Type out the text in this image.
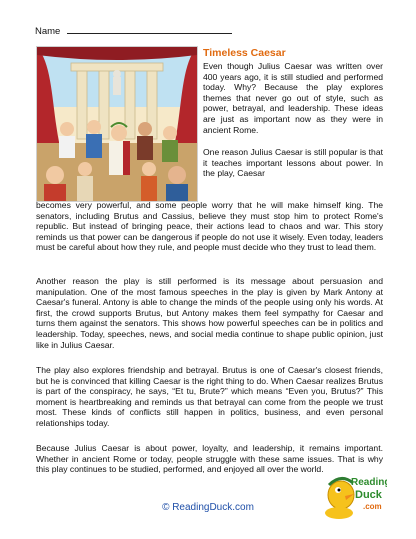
Name
Timeless Caesar

Even though Julius Caesar was written over 400 years ago, it is still studied and performed today. Why? Because the play explores themes that never go out of style, such as power, betrayal, and leadership. These ideas are just as important now as they were in ancient Rome.

One reason Julius Caesar is still popular is that it teaches important lessons about power. In the play, Caesar

becomes very powerful, and some people worry that he will make himself king. The senators, including Brutus and Cassius, believe they must stop him to protect Rome's republic. But instead of bringing peace, their actions lead to chaos and war. This story reminds us that power can be dangerous if people do not use it wisely. Even today, leaders must be careful about how they rule, and people must decide who they trust to lead them.

Another reason the play is still performed is its message about persuasion and manipulation. One of the most famous speeches in the play is given by Mark Antony at Caesar's funeral. Antony is able to change the minds of the people using only his words. At first, the crowd supports Brutus, but Antony makes them feel sympathy for Caesar and turns them against the senators. This shows how powerful speeches can be in politics and leadership. Today, speeches, news, and social media continue to shape public opinion, just like in Julius Caesar.

The play also explores friendship and betrayal. Brutus is one of Caesar's closest friends, but he is convinced that killing Caesar is the right thing to do. When Caesar realizes Brutus is part of the conspiracy, he says, “Et tu, Brute?” which means “Even you, Brutus?” This moment is heartbreaking and reminds us that betrayal can come from the people we trust most. These kinds of conflicts still happen in politics, business, and even personal relationships today.

Because Julius Caesar is about power, loyalty, and leadership, it remains important. Whether in ancient Rome or today, people struggle with these same issues. That is why this play continues to be studied, performed, and enjoyed all over the world.

© ReadingDuck.com
Reading
Duck
.com
